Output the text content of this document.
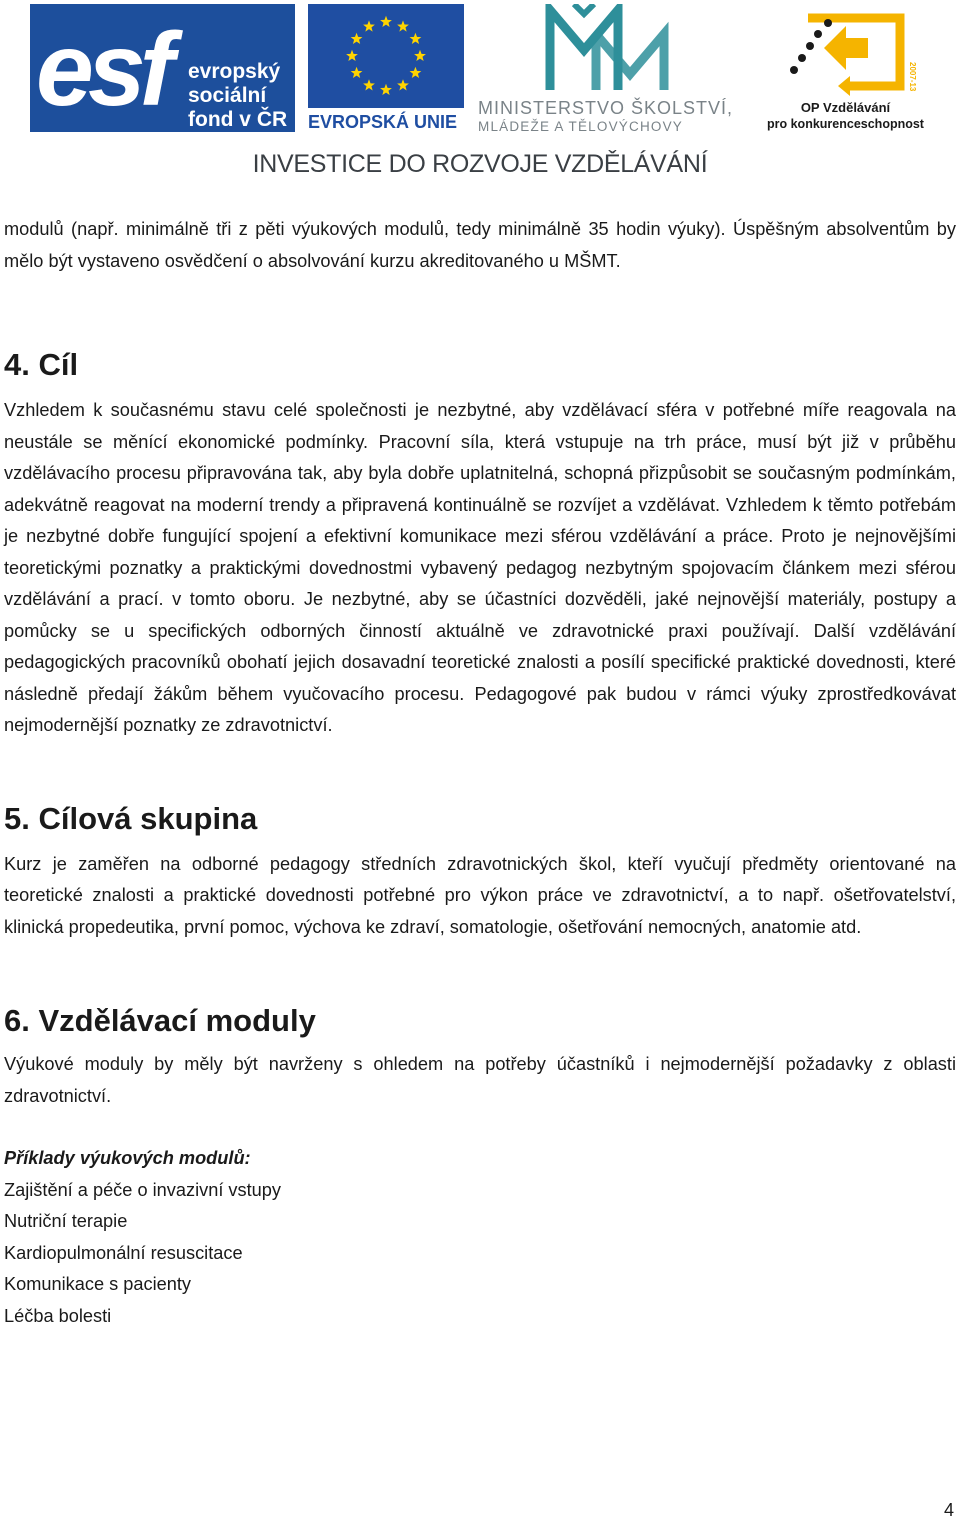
esf evropský
sociální
fond v ČR EVROPSKÁ UNIE
MINISTERSTVO ŠKOLSTVÍ,
MLÁDEŽE A TĚLOVÝCHOVY
2007-13
OP Vzdělávání
pro konkurenceschopnost
INVESTICE DO ROZVOJE VZDĚLÁVÁNÍ

modulů (např. minimálně tři z pěti výukových modulů, tedy minimálně 35 hodin výuky). Úspěšným absolventům by mělo být vystaveno osvědčení o absolvování kurzu akreditovaného u MŠMT.

4. Cíl

Vzhledem k současnému stavu celé společnosti je nezbytné, aby vzdělávací sféra v potřebné míře reagovala na neustále se měnící ekonomické podmínky. Pracovní síla, která vstupuje na trh práce, musí být již v průběhu vzdělávacího procesu připravována tak, aby byla dobře uplatnitelná, schopná přizpůsobit se současným podmínkám, adekvátně reagovat na moderní trendy a připravená kontinuálně se rozvíjet a vzdělávat. Vzhledem k těmto potřebám je nezbytné dobře fungující spojení a efektivní komunikace mezi sférou vzdělávání a práce. Proto je nejnovějšími teoretickými poznatky a praktickými dovednostmi vybavený pedagog nezbytným spojovacím článkem mezi sférou vzdělávání a prací. v tomto oboru. Je nezbytné, aby se účastníci dozvěděli, jaké nejnovější materiály, postupy a pomůcky se u specifických odborných činností aktuálně ve zdravotnické praxi používají. Další vzdělávání pedagogických pracovníků obohatí jejich dosavadní teoretické znalosti a posílí specifické praktické dovednosti, které následně předají žákům během vyučovacího procesu. Pedagogové pak budou v rámci výuky zprostředkovávat nejmodernější poznatky ze zdravotnictví.

5. Cílová skupina

Kurz je zaměřen na odborné pedagogy středních zdravotnických škol, kteří vyučují předměty orientované na teoretické znalosti a praktické dovednosti potřebné pro výkon práce ve zdravotnictví, a to např. ošetřovatelství, klinická propedeutika, první pomoc, výchova ke zdraví, somatologie, ošetřování nemocných, anatomie atd.

6. Vzdělávací moduly

Výukové moduly by měly být navrženy s ohledem na potřeby účastníků i nejmodernější požadavky z oblasti zdravotnictví.

Příklady výukových modulů:

Zajištění a péče o invazivní vstupy
Nutriční terapie
Kardiopulmonální resuscitace
Komunikace s pacienty
Léčba bolesti
4
